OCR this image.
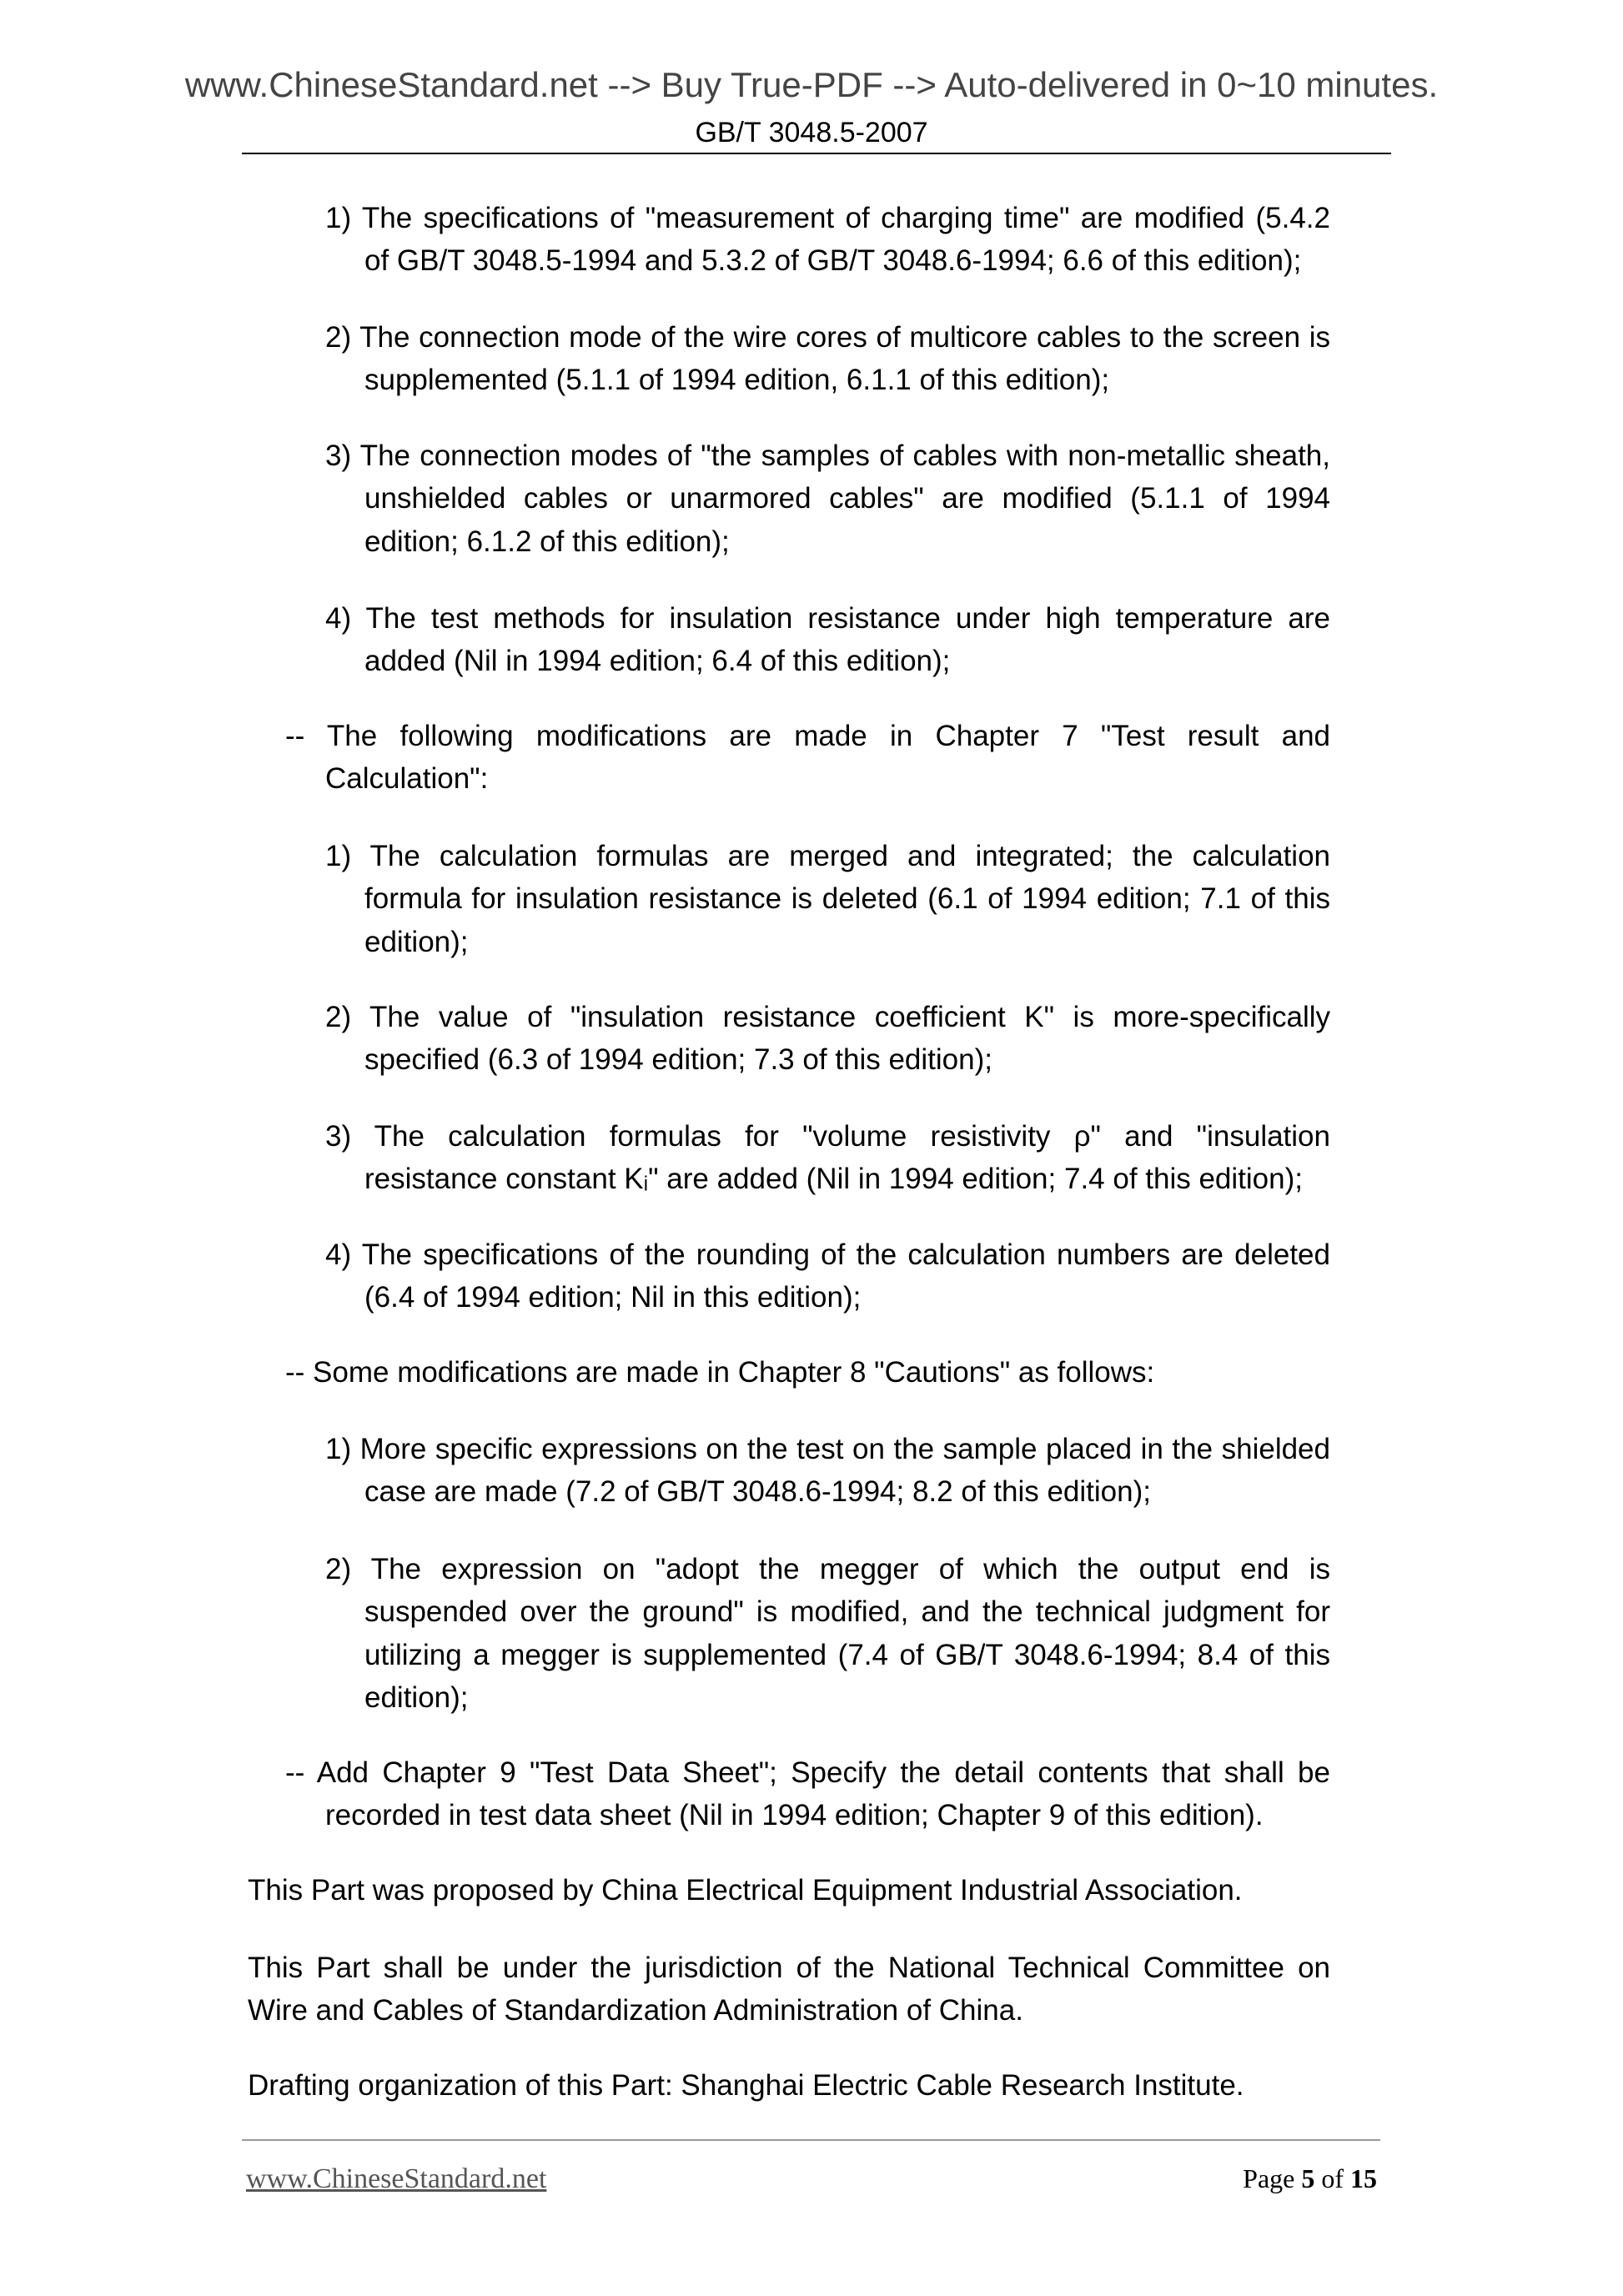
www.ChineseStandard.net --> Buy True-PDF --> Auto-delivered in 0~10 minutes.
GB/T 3048.5-2007
1) The specifications of "measurement of charging time" are modified (5.4.2 of GB/T 3048.5-1994 and 5.3.2 of GB/T 3048.6-1994; 6.6 of this edition);
2) The connection mode of the wire cores of multicore cables to the screen is supplemented (5.1.1 of 1994 edition, 6.1.1 of this edition);
3) The connection modes of "the samples of cables with non-metallic sheath, unshielded cables or unarmored cables" are modified (5.1.1 of 1994 edition; 6.1.2 of this edition);
4) The test methods for insulation resistance under high temperature are added (Nil in 1994 edition; 6.4 of this edition);
-- The following modifications are made in Chapter 7 "Test result and Calculation":
1) The calculation formulas are merged and integrated; the calculation formula for insulation resistance is deleted (6.1 of 1994 edition; 7.1 of this edition);
2) The value of "insulation resistance coefficient K" is more-specifically specified (6.3 of 1994 edition; 7.3 of this edition);
3) The calculation formulas for "volume resistivity ρ" and "insulation resistance constant Kᵢ" are added (Nil in 1994 edition; 7.4 of this edition);
4) The specifications of the rounding of the calculation numbers are deleted (6.4 of 1994 edition; Nil in this edition);
-- Some modifications are made in Chapter 8 "Cautions" as follows:
1) More specific expressions on the test on the sample placed in the shielded case are made (7.2 of GB/T 3048.6-1994; 8.2 of this edition);
2) The expression on "adopt the megger of which the output end is suspended over the ground" is modified, and the technical judgment for utilizing a megger is supplemented (7.4 of GB/T 3048.6-1994; 8.4 of this edition);
-- Add Chapter 9 "Test Data Sheet"; Specify the detail contents that shall be recorded in test data sheet (Nil in 1994 edition; Chapter 9 of this edition).
This Part was proposed by China Electrical Equipment Industrial Association.
This Part shall be under the jurisdiction of the National Technical Committee on Wire and Cables of Standardization Administration of China.
Drafting organization of this Part: Shanghai Electric Cable Research Institute.
www.ChineseStandard.net	Page 5 of 15
